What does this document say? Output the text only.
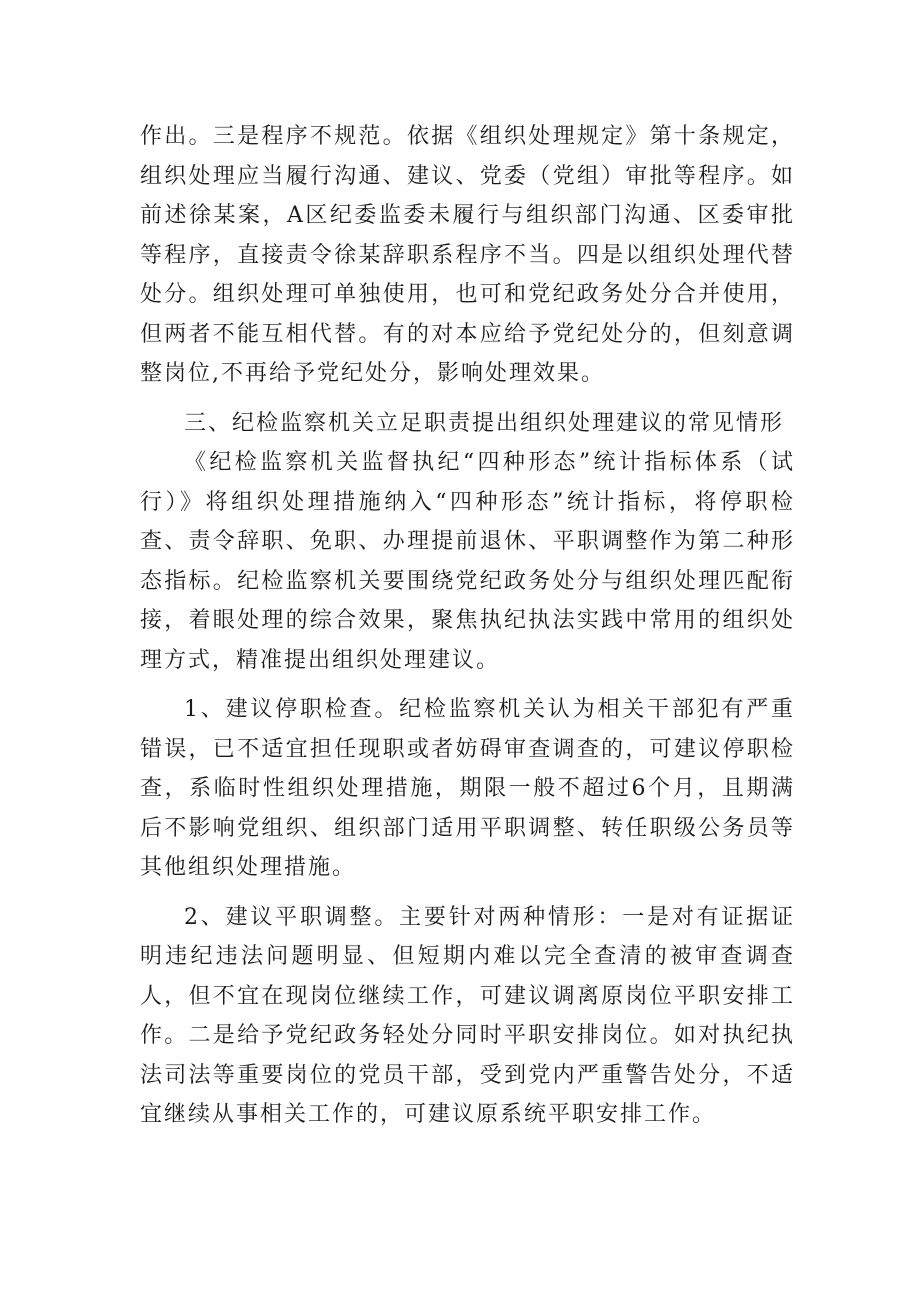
作出。三是程序不规范。依据《组织处理规定》第十条规定，组织处理应当履行沟通、建议、党委（党组）审批等程序。如前述徐某案，A区纪委监委未履行与组织部门沟通、区委审批等程序，直接责令徐某辞职系程序不当。四是以组织处理代替处分。组织处理可单独使用，也可和党纪政务处分合并使用，但两者不能互相代替。有的对本应给予党纪处分的，但刻意调整岗位,不再给予党纪处分，影响处理效果。

三、纪检监察机关立足职责提出组织处理建议的常见情形

《纪检监察机关监督执纪“四种形态”统计指标体系（试行）》将组织处理措施纳入“四种形态”统计指标，将停职检查、责令辞职、免职、办理提前退休、平职调整作为第二种形态指标。纪检监察机关要围绕党纪政务处分与组织处理匹配衔接，着眼处理的综合效果，聚焦执纪执法实践中常用的组织处理方式，精准提出组织处理建议。

1、建议停职检查。纪检监察机关认为相关干部犯有严重错误，已不适宜担任现职或者妨碍审查调查的，可建议停职检查，系临时性组织处理措施，期限一般不超过6个月，且期满后不影响党组织、组织部门适用平职调整、转任职级公务员等其他组织处理措施。

2、建议平职调整。主要针对两种情形：一是对有证据证明违纪违法问题明显、但短期内难以完全查清的被审查调查人，但不宜在现岗位继续工作，可建议调离原岗位平职安排工作。二是给予党纪政务轻处分同时平职安排岗位。如对执纪执法司法等重要岗位的党员干部，受到党内严重警告处分，不适宜继续从事相关工作的，可建议原系统平职安排工作。
